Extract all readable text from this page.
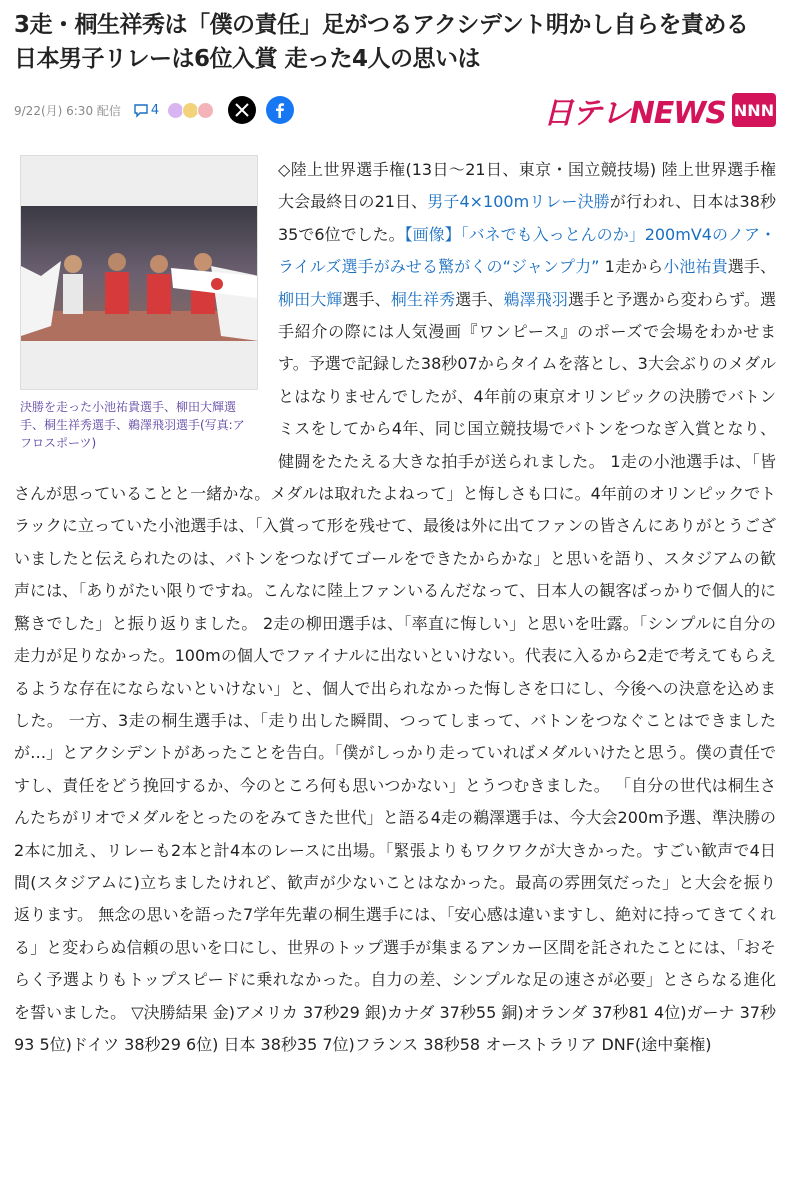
3走・桐生祥秀は「僕の責任」足がつるアクシデント明かし自らを責める 日本男子リレーは6位入賞 走った4人の思いは
9/22(月) 6:30 配信 4	日テレNEWS NNN

決勝を走った小池祐貴選手、柳田大輝選手、桐生祥秀選手、鵜澤飛羽選手(写真:アフロスポーツ)

◇陸上世界選手権(13日～21日、東京・国立競技場) 陸上世界選手権大会最終日の21日、男子4×100mリレー決勝が行われ、日本は38秒35で6位でした。【画像】「バネでも入っとんのか」200mV4のノア・ライルズ選手がみせる驚がくの“ジャンプ力” 1走から小池祐貴選手、柳田大輝選手、桐生祥秀選手、鵜澤飛羽選手と予選から変わらず。選手紹介の際には人気漫画『ワンピース』のポーズで会場をわかせます。予選で記録した38秒07からタイムを落とし、3大会ぶりのメダルとはなりませんでしたが、4年前の東京オリンピックの決勝でバトンミスをしてから4年、同じ国立競技場でバトンをつなぎ入賞となり、健闘をたたえる大きな拍手が送られました。 1走の小池選手は、「皆さんが思っていることと一緒かな。メダルは取れたよねって」と悔しさも口に。4年前のオリンピックでトラックに立っていた小池選手は、「入賞って形を残せて、最後は外に出てファンの皆さんにありがとうございましたと伝えられたのは、バトンをつなげてゴールをできたからかな」と思いを語り、スタジアムの歓声には、「ありがたい限りですね。こんなに陸上ファンいるんだなって、日本人の観客ばっかりで個人的に驚きでした」と振り返りました。 2走の柳田選手は、「率直に悔しい」と思いを吐露。「シンプルに自分の走力が足りなかった。100mの個人でファイナルに出ないといけない。代表に入るから2走で考えてもらえるような存在にならないといけない」と、個人で出られなかった悔しさを口にし、今後への決意を込めました。 一方、3走の桐生選手は、「走り出した瞬間、つってしまって、バトンをつなぐことはできましたが…」とアクシデントがあったことを告白。「僕がしっかり走っていればメダルいけたと思う。僕の責任ですし、責任をどう挽回するか、今のところ何も思いつかない」とうつむきました。 「自分の世代は桐生さんたちがリオでメダルをとったのをみてきた世代」と語る4走の鵜澤選手は、今大会200m予選、準決勝の2本に加え、リレーも2本と計4本のレースに出場。「緊張よりもワクワクが大きかった。すごい歓声で4日間(スタジアムに)立ちましたけれど、歓声が少ないことはなかった。最高の雰囲気だった」と大会を振り返ります。 無念の思いを語った7学年先輩の桐生選手には、「安心感は違いますし、絶対に持ってきてくれる」と変わらぬ信頼の思いを口にし、世界のトップ選手が集まるアンカー区間を託されたことには、「おそらく予選よりもトップスピードに乗れなかった。自力の差、シンプルな足の速さが必要」とさらなる進化を誓いました。 ▽決勝結果 金)アメリカ 37秒29 銀)カナダ 37秒55 銅)オランダ 37秒81 4位)ガーナ 37秒93 5位)ドイツ 38秒29 6位) 日本 38秒35 7位)フランス 38秒58 オーストラリア DNF(途中棄権)
